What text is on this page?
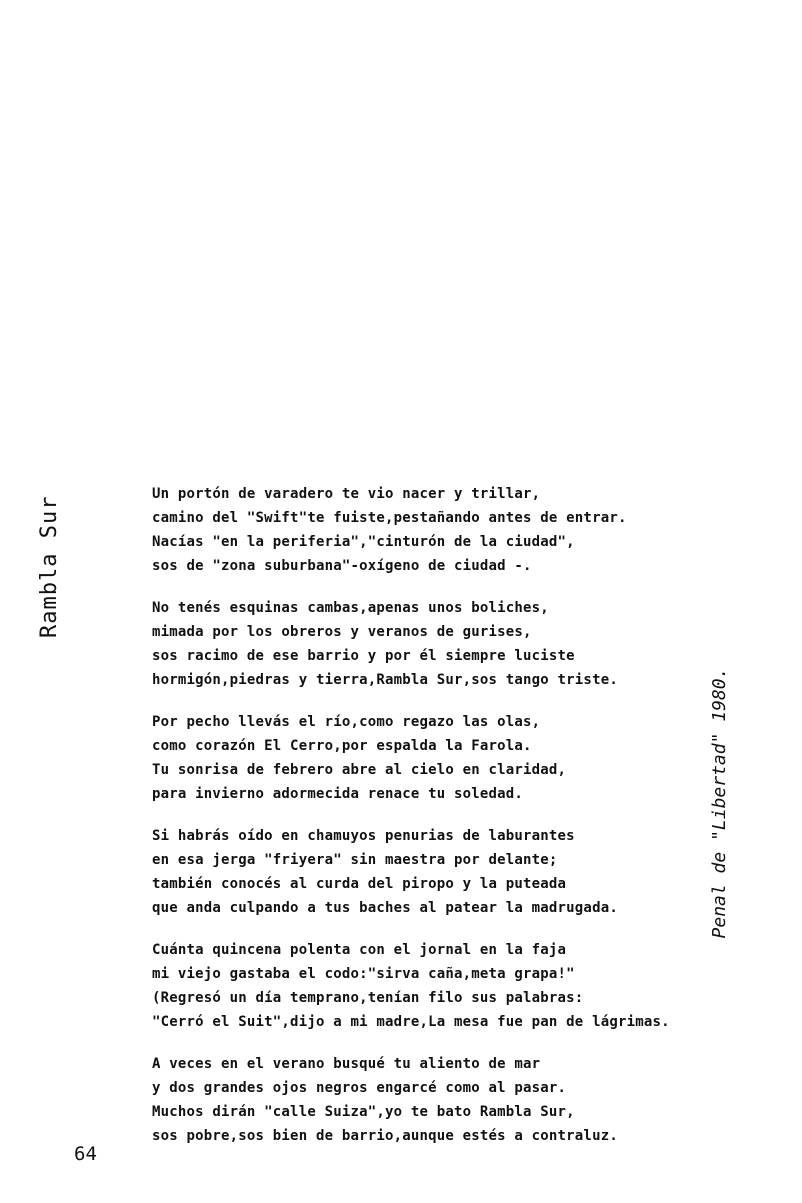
Rambla Sur
Penal de "Libertad" 1980.
Un portón de varadero te vio nacer y trillar,
camino del "Swift"te fuiste,pestañando antes de entrar.
Nacías "en la periferia","cinturón de la ciudad",
sos de "zona suburbana"-oxígeno de ciudad -.
No tenés esquinas cambas,apenas unos boliches,
mimada por los obreros y veranos de gurises,
sos racimo de ese barrio y por él siempre luciste
hormigón,piedras y tierra,Rambla Sur,sos tango triste.
Por pecho llevás el río,como regazo las olas,
como corazón El Cerro,por espalda la Farola.
Tu sonrisa de febrero abre al cielo en claridad,
para invierno adormecida renace tu soledad.
Si habrás oído en chamuyos penurias de laburantes
en esa jerga "friyera" sin maestra por delante;
también conocés al curda del piropo y la puteada
que anda culpando a tus baches al patear la madrugada.
Cuánta quincena polenta con el jornal en la faja
mi viejo gastaba el codo:"sirva caña,meta grapa!"
(Regresó un día temprano,tenían filo sus palabras:
"Cerró el Suit",dijo a mi madre,La mesa fue pan de lágrimas.
A veces en el verano busqué tu aliento de mar
y dos grandes ojos negros engarcé como al pasar.
Muchos dirán "calle Suiza",yo te bato Rambla Sur,
sos pobre,sos bien de barrio,aunque estés a contraluz.
64
